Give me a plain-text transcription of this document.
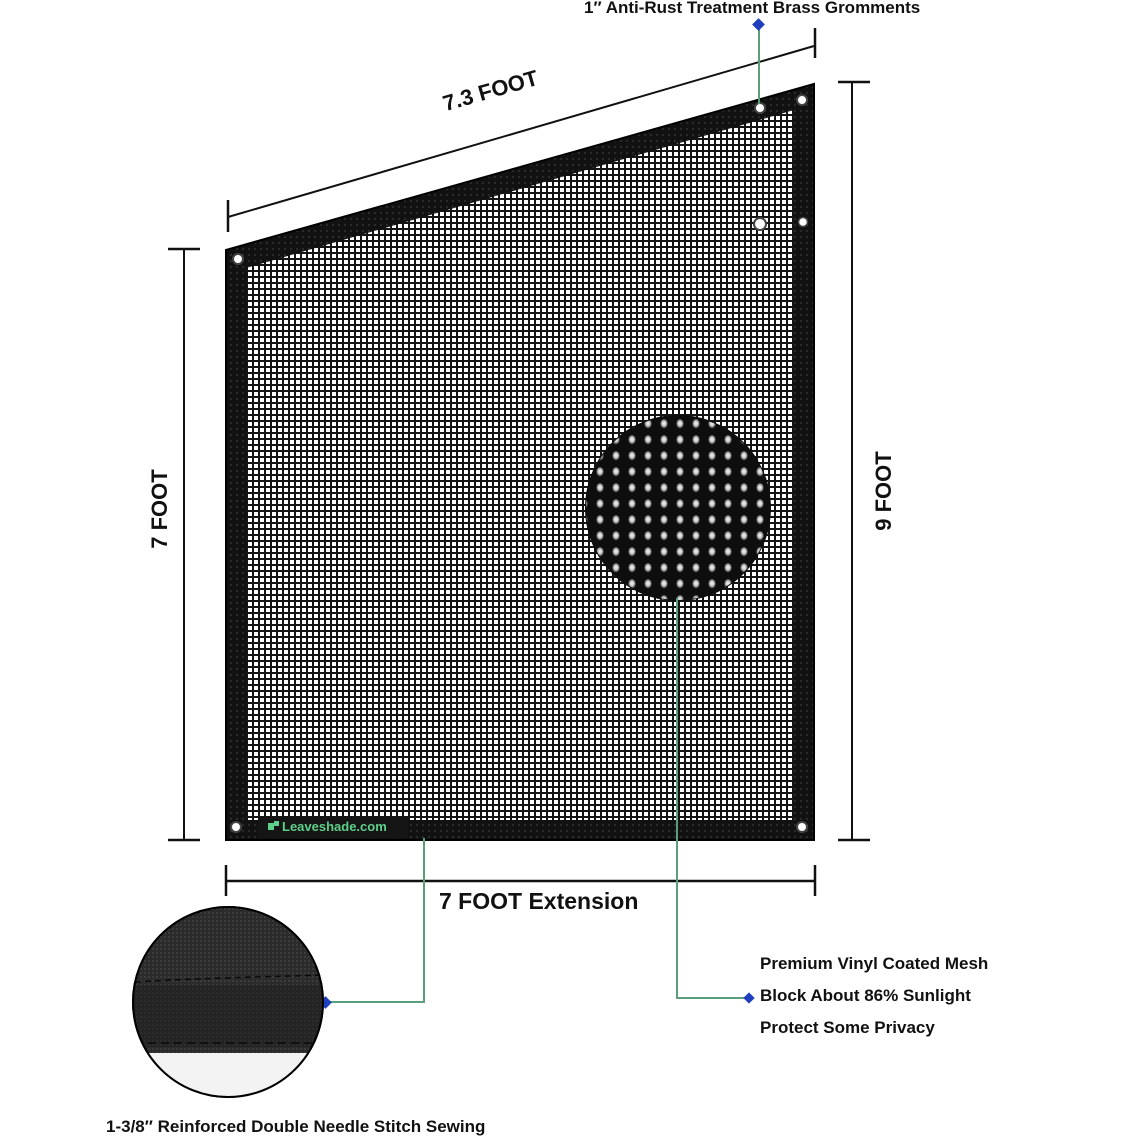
1″ Anti-Rust Treatment Brass Gromments
7.3 FOOT
7 FOOT	9 FOOT
7 FOOT Extension
Leaveshade.com
Premium Vinyl Coated Mesh
Block About 86% Sunlight
Protect Some Privacy
1-3/8″ Reinforced Double Needle Stitch Sewing
